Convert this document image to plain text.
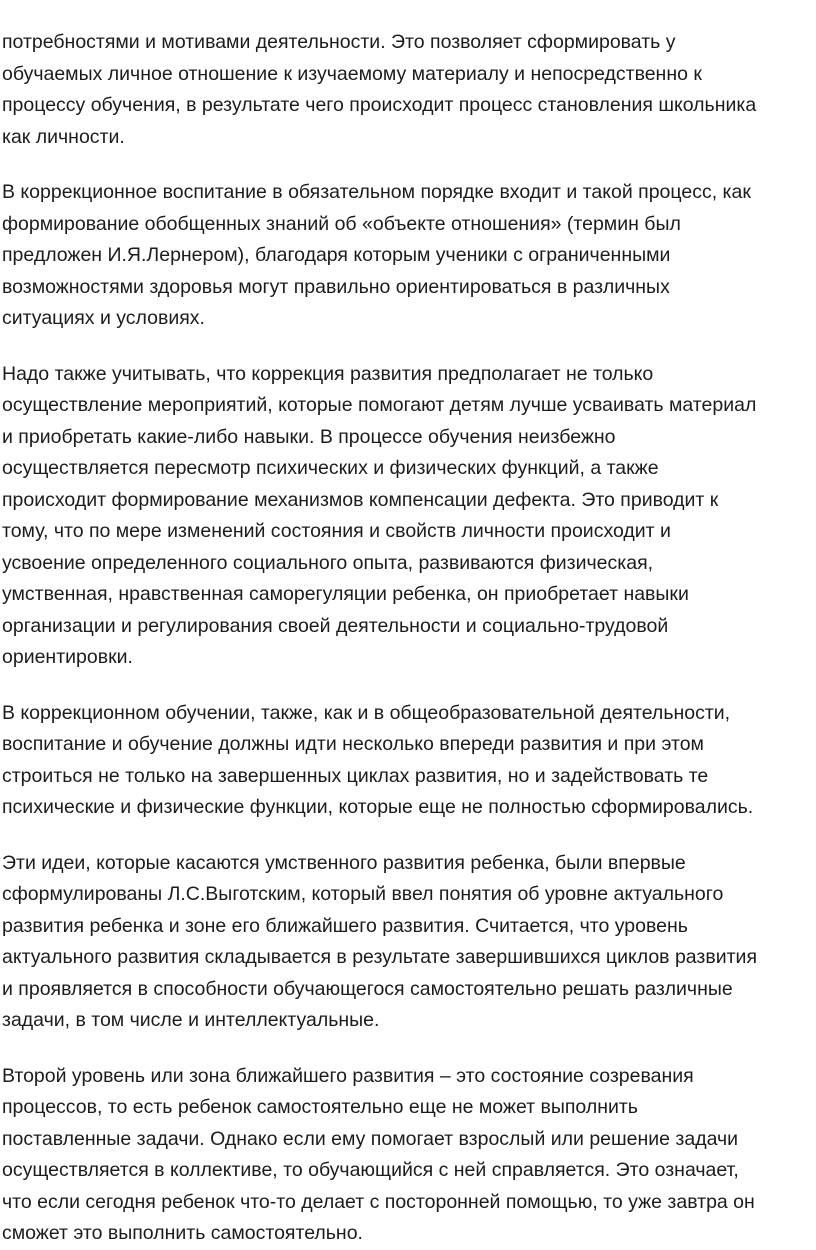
потребностями и мотивами деятельности. Это позволяет сформировать у
обучаемых личное отношение к изучаемому материалу и непосредственно к
процессу обучения, в результате чего происходит процесс становления школьника
как личности.

В коррекционное воспитание в обязательном порядке входит и такой процесс, как
формирование обобщенных знаний об «объекте отношения» (термин был
предложен И.Я.Лернером), благодаря которым ученики с ограниченными
возможностями здоровья могут правильно ориентироваться в различных
ситуациях и условиях.

Надо также учитывать, что коррекция развития предполагает не только
осуществление мероприятий, которые помогают детям лучше усваивать материал
и приобретать какие-либо навыки. В процессе обучения неизбежно
осуществляется пересмотр психических и физических функций, а также
происходит формирование механизмов компенсации дефекта. Это приводит к
тому, что по мере изменений состояния и свойств личности происходит и
усвоение определенного социального опыта, развиваются физическая,
умственная, нравственная саморегуляции ребенка, он приобретает навыки
организации и регулирования своей деятельности и социально-трудовой
ориентировки.

В коррекционном обучении, также, как и в общеобразовательной деятельности,
воспитание и обучение должны идти несколько впереди развития и при этом
строиться не только на завершенных циклах развития, но и задействовать те
психические и физические функции, которые еще не полностью сформировались.

Эти идеи, которые касаются умственного развития ребенка, были впервые
сформулированы Л.С.Выготским, который ввел понятия об уровне актуального
развития ребенка и зоне его ближайшего развития. Считается, что уровень
актуального развития складывается в результате завершившихся циклов развития
и проявляется в способности обучающегося самостоятельно решать различные
задачи, в том числе и интеллектуальные.

Второй уровень или зона ближайшего развития – это состояние созревания
процессов, то есть ребенок самостоятельно еще не может выполнить
поставленные задачи. Однако если ему помогает взрослый или решение задачи
осуществляется в коллективе, то обучающийся с ней справляется. Это означает,
что если сегодня ребенок что-то делает с посторонней помощью, то уже завтра он
сможет это выполнить самостоятельно.
